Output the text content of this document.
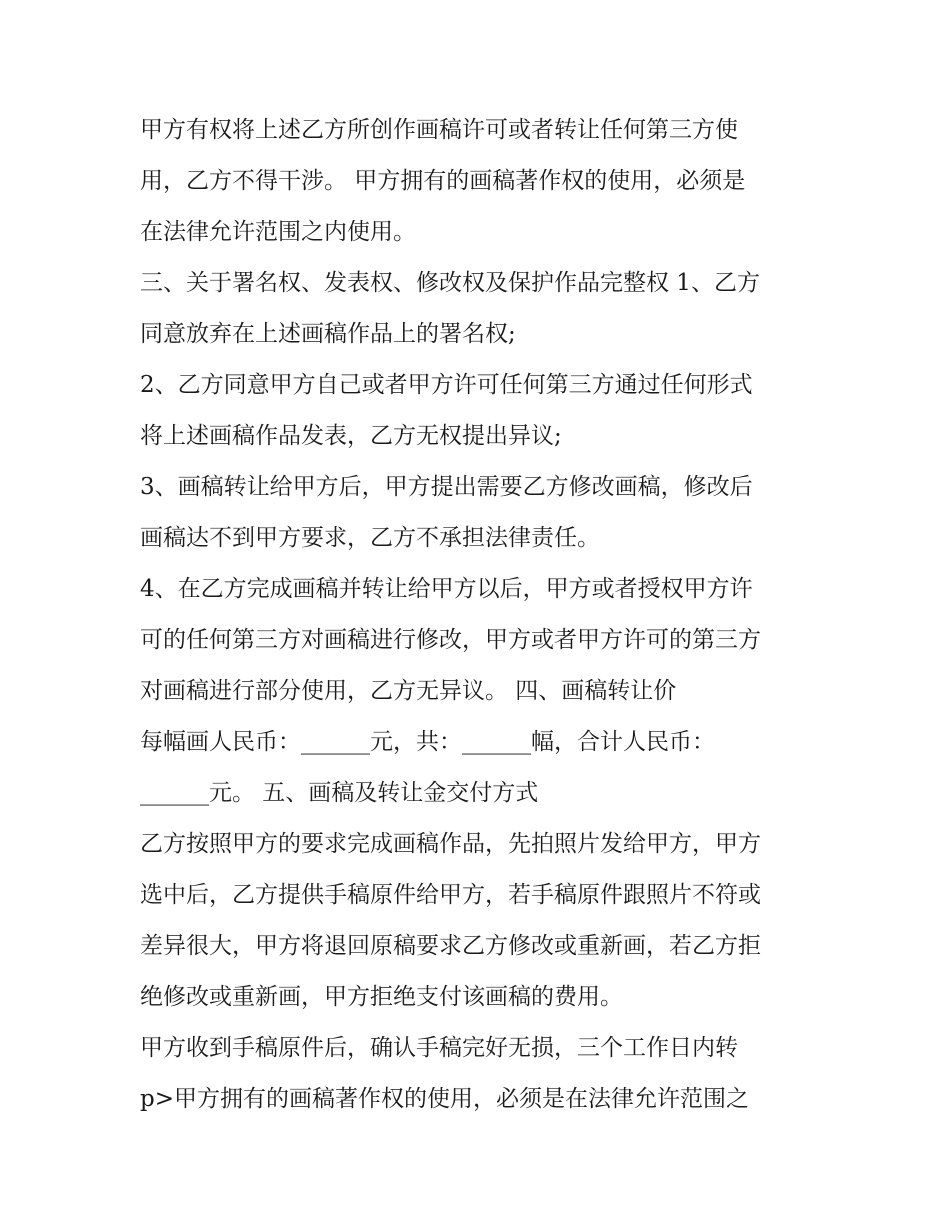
甲方有权将上述乙方所创作画稿许可或者转让任何第三方使
用，乙方不得干涉。 甲方拥有的画稿著作权的使用，必须是
在法律允许范围之内使用。
三、关于署名权、发表权、修改权及保护作品完整权 1、乙方
同意放弃在上述画稿作品上的署名权;
2、乙方同意甲方自己或者甲方许可任何第三方通过任何形式
将上述画稿作品发表，乙方无权提出异议;
3、画稿转让给甲方后，甲方提出需要乙方修改画稿，修改后
画稿达不到甲方要求，乙方不承担法律责任。
4、在乙方完成画稿并转让给甲方以后，甲方或者授权甲方许
可的任何第三方对画稿进行修改，甲方或者甲方许可的第三方
对画稿进行部分使用，乙方无异议。 四、画稿转让价
每幅画人民币：______元，共：______幅，合计人民币：
______元。 五、画稿及转让金交付方式
乙方按照甲方的要求完成画稿作品，先拍照片发给甲方，甲方
选中后，乙方提供手稿原件给甲方，若手稿原件跟照片不符或
差异很大，甲方将退回原稿要求乙方修改或重新画，若乙方拒
绝修改或重新画，甲方拒绝支付该画稿的费用。
甲方收到手稿原件后，确认手稿完好无损，三个工作日内转
p>甲方拥有的画稿著作权的使用，必须是在法律允许范围之
